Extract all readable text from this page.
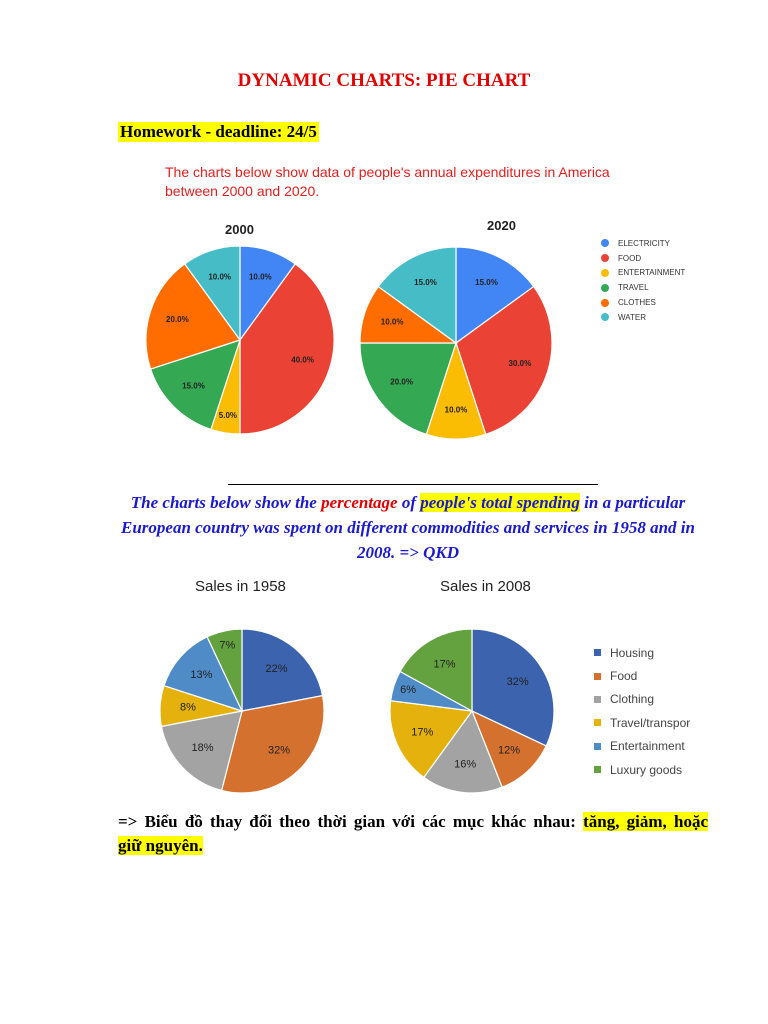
DYNAMIC CHARTS: PIE CHART
Homework - deadline: 24/5
The charts below show data of people's annual expenditures in America between 2000 and 2020.
2000	2020
ELECTRICITY
FOOD
ENTERTAINMENT
TRAVEL
CLOTHES
WATER
The charts below show the percentage of people's total spending in a particular European country was spent on different commodities and services in 1958 and in 2008. => QKD
Sales in 1958	Sales in 2008
Housing
Food
Clothing
Travel/transpor
Entertainment
Luxury goods
=> Biểu đồ thay đổi theo thời gian với các mục khác nhau: tăng, giảm, hoặc
giữ nguyên.
10.0%
40.0%
5.0%
15.0%
20.0%
10.0%
15.0%
30.0%
10.0%
20.0%
10.0%
15.0%
22%
32%
18%
8%
13%
7%
32%
12%
16%
17%
6%
17%
